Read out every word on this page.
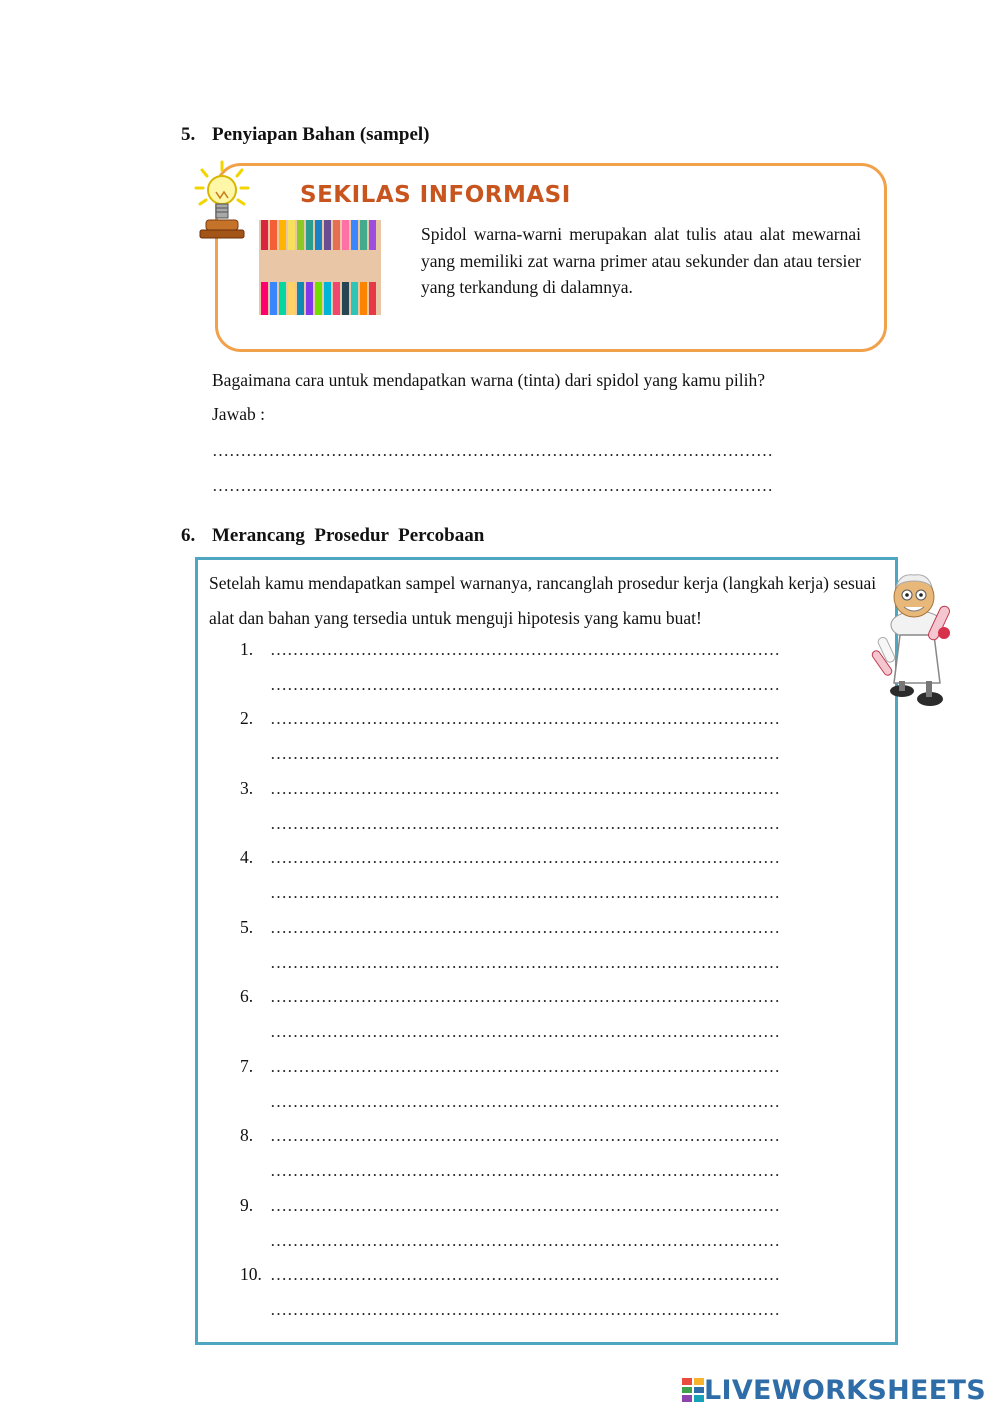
5. Penyiapan Bahan (sampel)
SEKILAS INFORMASI
Spidol warna-warni merupakan alat tulis atau alat mewarnai yang memiliki zat warna primer atau sekunder dan atau tersier yang terkandung di dalamnya.
Bagaimana cara untuk mendapatkan warna (tinta) dari spidol yang kamu pilih?
Jawab :
………………………………………………………………………………………
………………………………………………………………………………………
6. Merancang  Prosedur  Percobaan
Setelah kamu mendapatkan sampel warnanya, rancanglah prosedur kerja (langkah kerja) sesuai alat dan bahan yang tersedia untuk menguji hipotesis yang kamu buat!
1. ………………………………………………………………………………
………………………………………………………………………………
2. ………………………………………………………………………………
………………………………………………………………………………
3. ………………………………………………………………………………
………………………………………………………………………………
4. ………………………………………………………………………………
………………………………………………………………………………
5. ………………………………………………………………………………
………………………………………………………………………………
6. ………………………………………………………………………………
………………………………………………………………………………
7. ………………………………………………………………………………
………………………………………………………………………………
8. ………………………………………………………………………………
………………………………………………………………………………
9. ………………………………………………………………………………
………………………………………………………………………………
10. ………………………………………………………………………………
………………………………………………………………………………
LIVEWORKSHEETS
